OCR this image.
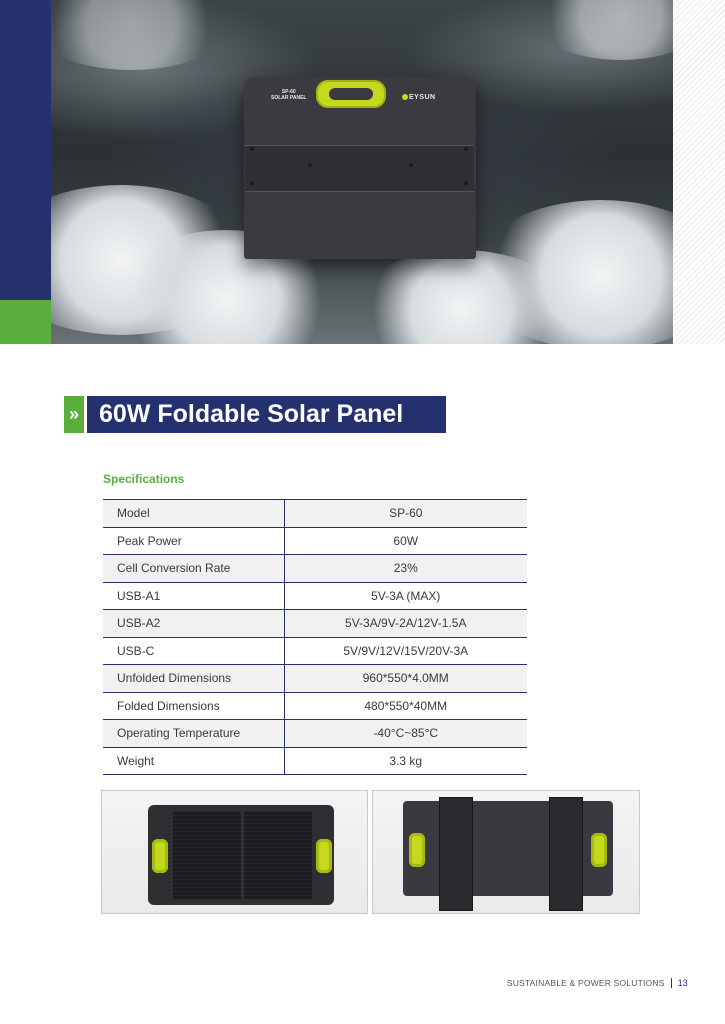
SP-60
SOLAR PANEL	EYSUN
» 60W Foldable Solar Panel
Specifications
Model	SP-60
Peak Power	60W
Cell Conversion Rate	23%
USB-A1	5V-3A (MAX)
USB-A2	5V-3A/9V-2A/12V-1.5A
USB-C	5V/9V/12V/15V/20V-3A
Unfolded Dimensions	960*550*4.0MM
Folded Dimensions	480*550*40MM
Operating Temperature	-40°C~85°C
Weight	3.3 kg
SUSTAINABLE & POWER SOLUTIONS 13
